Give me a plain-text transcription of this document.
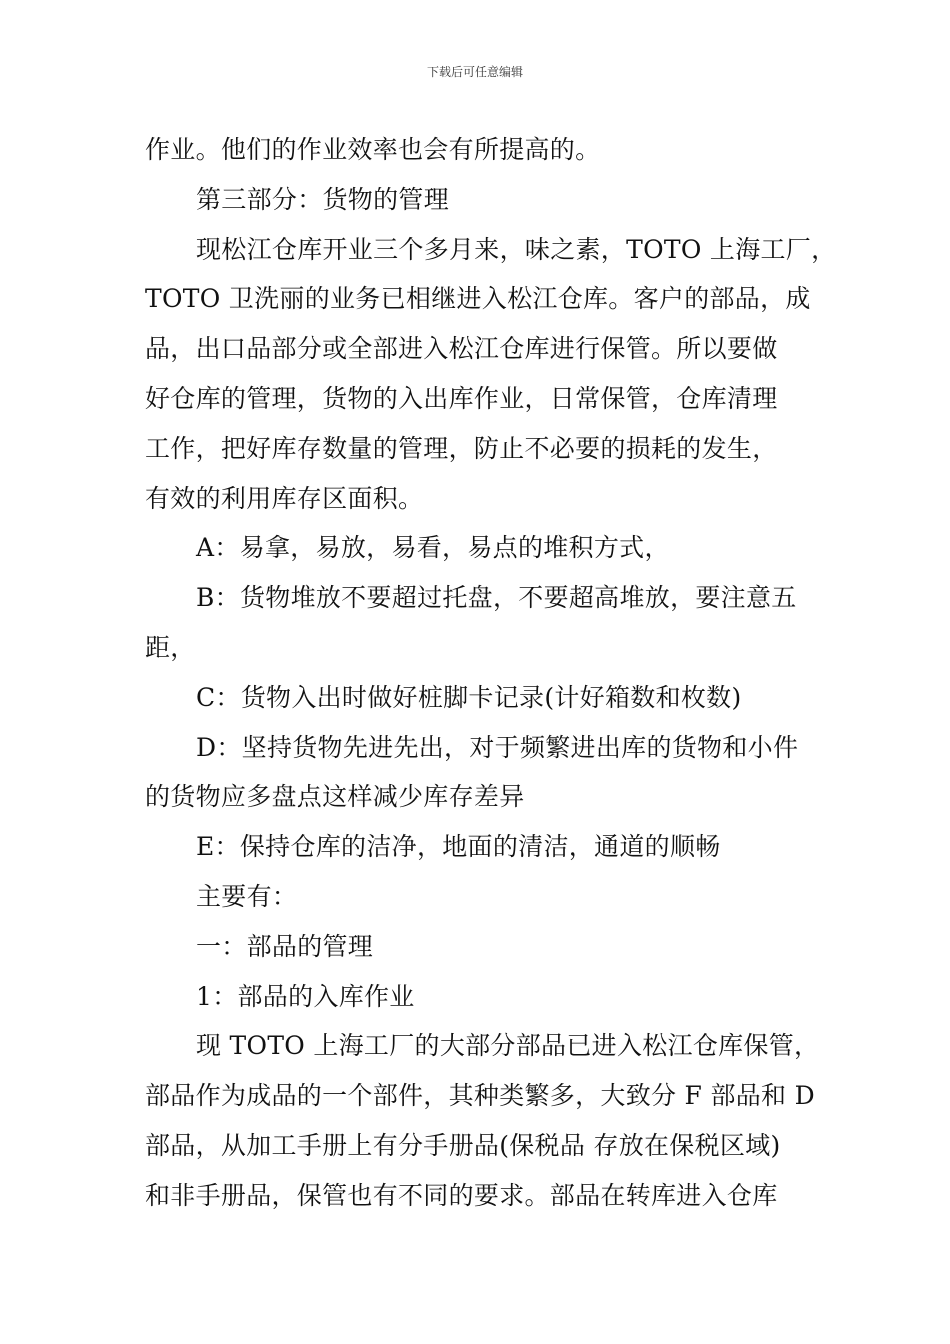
下载后可任意编辑
作业。他们的作业效率也会有所提高的。
第三部分：货物的管理
现松江仓库开业三个多月来，味之素，TOTO 上海工厂，
TOTO 卫洗丽的业务已相继进入松江仓库。客户的部品，成
品，出口品部分或全部进入松江仓库进行保管。所以要做
好仓库的管理，货物的入出库作业，日常保管，仓库清理
工作，把好库存数量的管理，防止不必要的损耗的发生，
有效的利用库存区面积。
A：易拿，易放，易看，易点的堆积方式，
B：货物堆放不要超过托盘，不要超高堆放，要注意五
距，
C：货物入出时做好桩脚卡记录(计好箱数和枚数)
D：坚持货物先进先出，对于频繁进出库的货物和小件
的货物应多盘点这样减少库存差异
E：保持仓库的洁净，地面的清洁，通道的顺畅
主要有：
一：部品的管理
1：部品的入库作业
现 TOTO 上海工厂的大部分部品已进入松江仓库保管，
部品作为成品的一个部件，其种类繁多，大致分 F 部品和 D
部品，从加工手册上有分手册品(保税品 存放在保税区域)
和非手册品，保管也有不同的要求。部品在转库进入仓库
